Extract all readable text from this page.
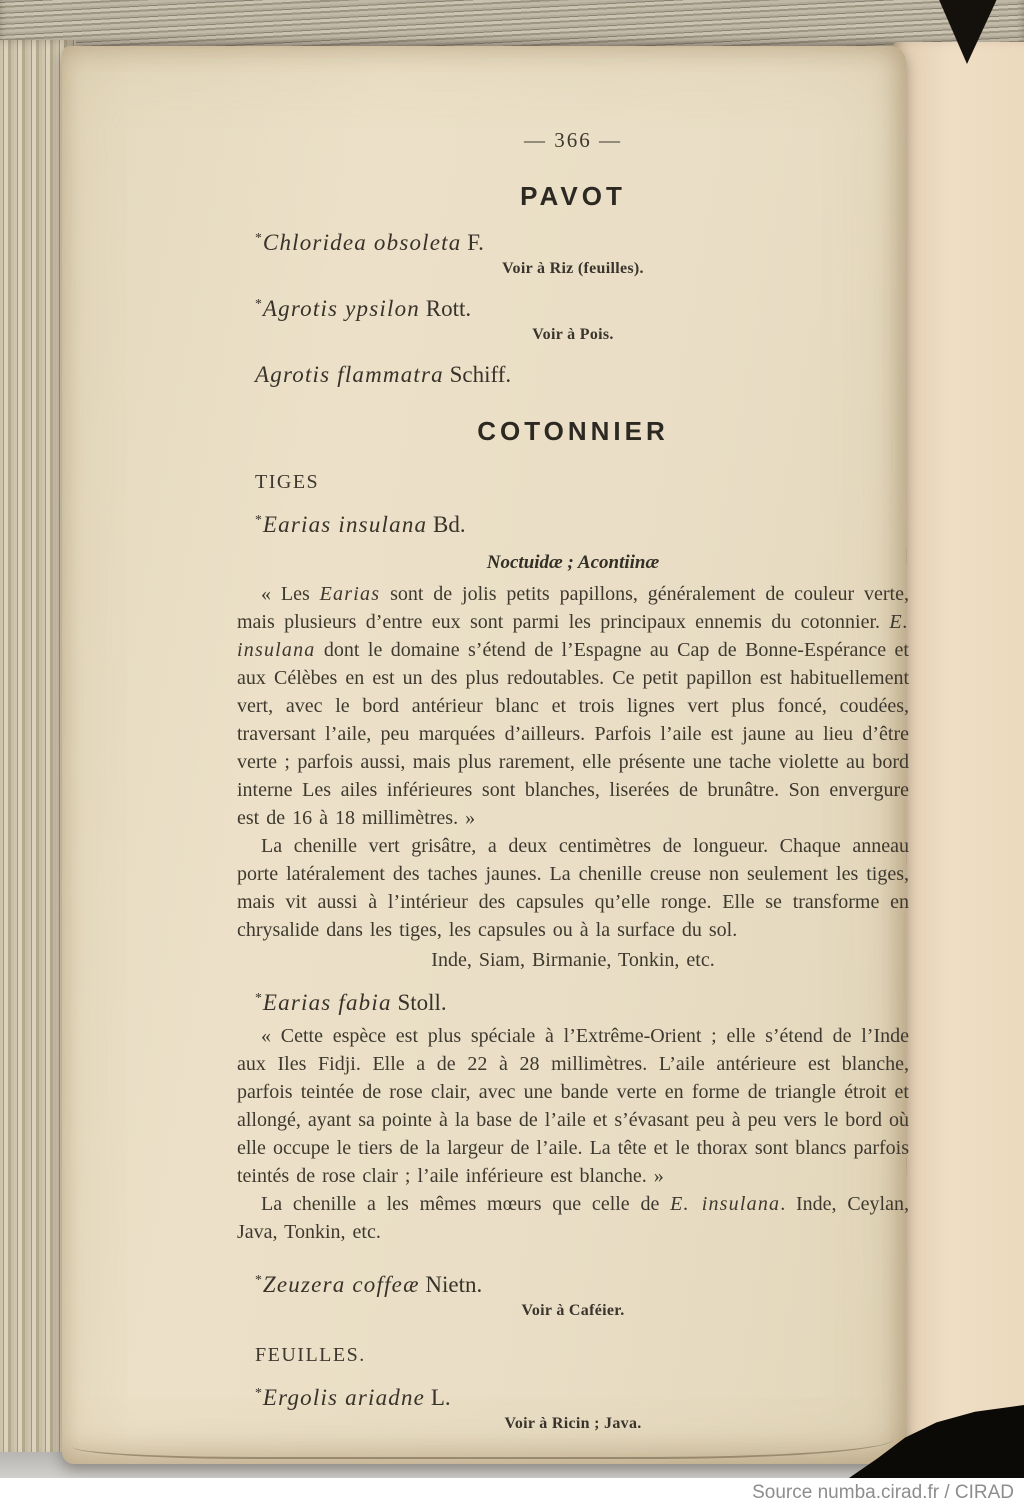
— 366 —
PAVOT
*Chloridea obsoleta F.
Voir à Riz (feuilles).
*Agrotis ypsilon Rott.
Voir à Pois.
Agrotis flammatra Schiff.
COTONNIER
TIGES
*Earias insulana Bd.
Noctuidæ ; Acontiinæ

« Les Earias sont de jolis petits papillons, généralement de couleur verte, mais plusieurs d’entre eux sont parmi les principaux ennemis du cotonnier. E. insulana dont le domaine s’étend de l’Espagne au Cap de Bonne-Espérance et aux Célèbes en est un des plus redoutables. Ce petit papillon est habituellement vert, avec le bord antérieur blanc et trois lignes vert plus foncé, coudées, traversant l’aile, peu marquées d’ailleurs. Parfois l’aile est jaune au lieu d’être verte ; parfois aussi, mais plus rarement, elle présente une tache violette au bord interne Les ailes inférieures sont blanches, liserées de brunâtre. Son envergure est de 16 à 18 millimètres. »

La chenille vert grisâtre, a deux centimètres de longueur. Chaque anneau porte latéralement des taches jaunes. La chenille creuse non seulement les tiges, mais vit aussi à l’intérieur des capsules qu’elle ronge. Elle se transforme en chrysalide dans les tiges, les capsules ou à la surface du sol.

Inde, Siam, Birmanie, Tonkin, etc.
*Earias fabia Stoll.

« Cette espèce est plus spéciale à l’Extrême-Orient ; elle s’étend de l’Inde aux Iles Fidji. Elle a de 22 à 28 millimètres. L’aile antérieure est blanche, parfois teintée de rose clair, avec une bande verte en forme de triangle étroit et allongé, ayant sa pointe à la base de l’aile et s’évasant peu à peu vers le bord où elle occupe le tiers de la largeur de l’aile. La tête et le thorax sont blancs parfois teintés de rose clair ; l’aile inférieure est blanche. »

La chenille a les mêmes mœurs que celle de E. insulana. Inde, Ceylan, Java, Tonkin, etc.

*Zeuzera coffeæ Nietn.
Voir à Caféier.
FEUILLES.
*Ergolis ariadne L.
Voir à Ricin ; Java.
Source numba.cirad.fr / CIRAD
